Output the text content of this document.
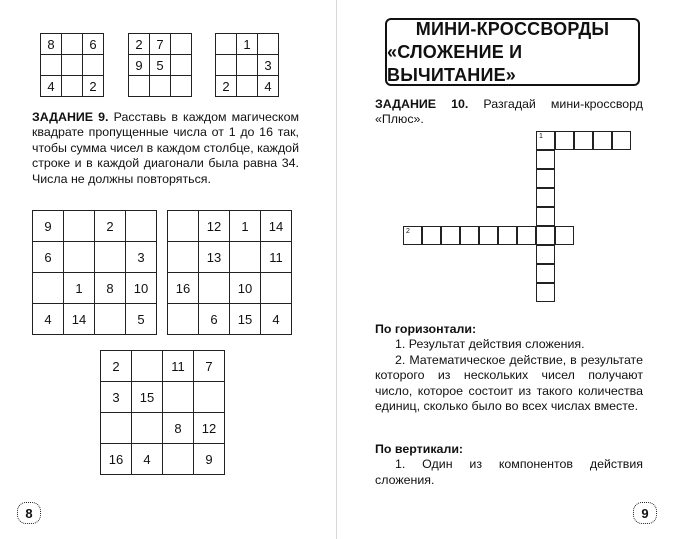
8		6

4		2
2	7	
9	5	

	1	
		3
2		4
ЗАДАНИЕ 9. Расставь в каждом магическом квадрате пропущенные числа от 1 до 16 так, чтобы сумма чисел в каждом столбце, каждой строке и в каждой диагонали была равна 34. Числа не должны повторяться.
9		2	
6			3
	1	8	10
4	14		5
	12	1	14
	13		11
16		10	
	6	15	4
2		11	7
3	15		
		8	12
16	4		9
8
МИНИ-КРОССВОРДЫ
«СЛОЖЕНИЕ И ВЫЧИТАНИЕ»
ЗАДАНИЕ 10. Разгадай мини-кроссворд «Плюс».
1
2
По горизонтали:
1. Результат действия сложения.
2. Математическое действие, в результате которого из нескольких чисел получают число, которое состоит из такого количества единиц, сколько было во всех числах вместе.
По вертикали:
1. Один из компонентов действия сложения.
9
